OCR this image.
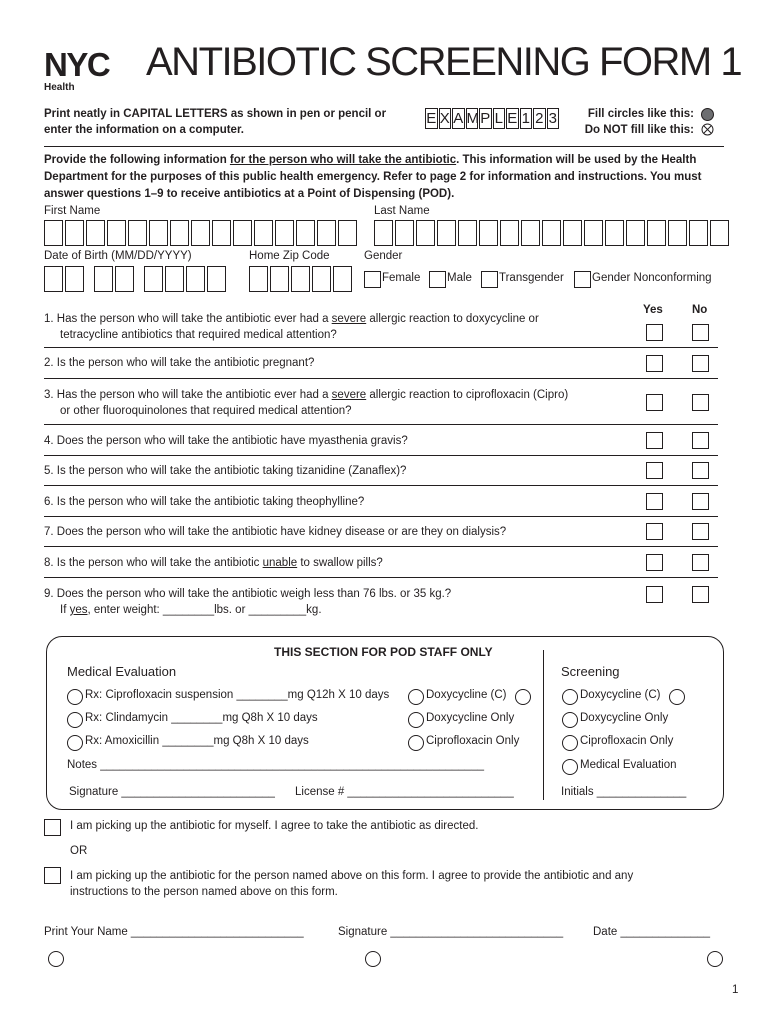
NYC
Health
ANTIBIOTIC SCREENING FORM 1
Print neatly in CAPITAL LETTERS as shown in pen or pencil or
enter the information on a computer.
E X A M P L E 1 2 3	Fill circles like this:
Do NOT fill like this:
Provide the following information for the person who will take the antibiotic. This information will be used by the Health Department for the purposes of this public health emergency. Refer to page 2 for information and instructions. You must answer questions 1–9 to receive antibiotics at a Point of Dispensing (POD).
First Name	Last Name
Date of Birth (MM/DD/YYYY)	Home Zip Code	Gender
Female Male Transgender Gender Nonconforming
Yes	No
1. Has the person who will take the antibiotic ever had a severe allergic reaction to doxycycline or
tetracycline antibiotics that required medical attention?
2. Is the person who will take the antibiotic pregnant?
3. Has the person who will take the antibiotic ever had a severe allergic reaction to ciprofloxacin (Cipro)
or other fluoroquinolones that required medical attention?
4. Does the person who will take the antibiotic have myasthenia gravis?
5. Is the person who will take the antibiotic taking tizanidine (Zanaflex)?
6. Is the person who will take the antibiotic taking theophylline?
7. Does the person who will take the antibiotic have kidney disease or are they on dialysis?
8. Is the person who will take the antibiotic unable to swallow pills?
9. Does the person who will take the antibiotic weigh less than 76 lbs. or 35 kg.?
If yes, enter weight: ________lbs. or _________kg.
THIS SECTION FOR POD STAFF ONLY
Medical Evaluation	Screening
Rx: Ciprofloxacin suspension ________mg Q12h X 10 days	Doxycycline (C)	Doxycycline (C)
Rx: Clindamycin ________mg Q8h X 10 days	Doxycycline Only	Doxycycline Only
Rx: Amoxicillin ________mg Q8h X 10 days	Ciprofloxacin Only	Ciprofloxacin Only
Notes ____________________________________________________________	Medical Evaluation
Signature ________________________ License # __________________________	Initials ______________
I am picking up the antibiotic for myself. I agree to take the antibiotic as directed.
OR
I am picking up the antibiotic for the person named above on this form. I agree to provide the antibiotic and any
instructions to the person named above on this form.
Print Your Name ___________________________	Signature ___________________________	Date ______________
1
